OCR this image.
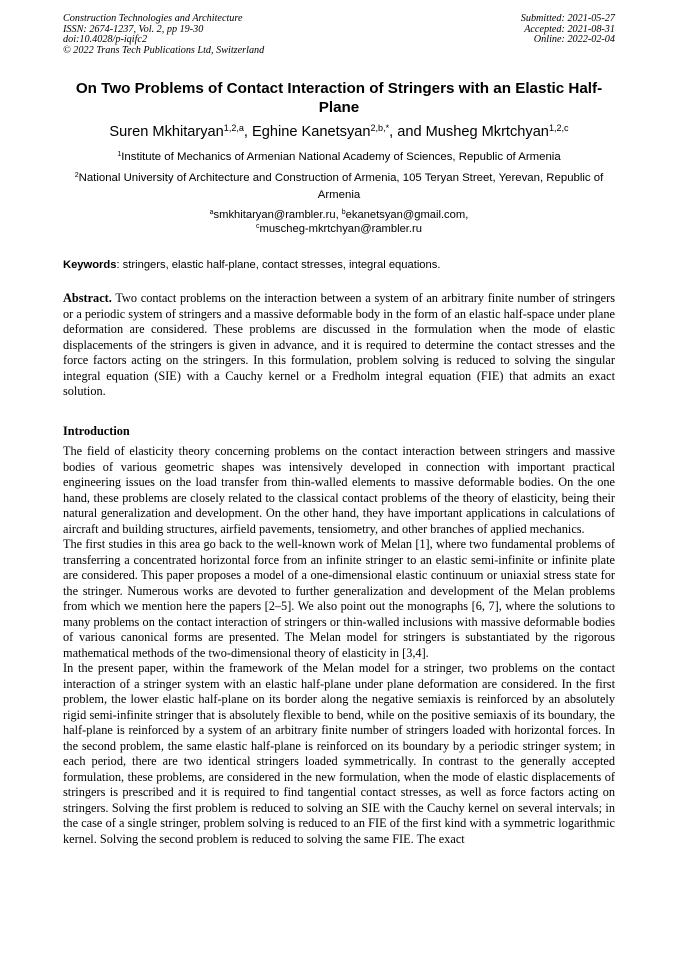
Construction Technologies and Architecture
ISSN: 2674-1237, Vol. 2, pp 19-30
doi:10.4028/p-iqifc2
© 2022 Trans Tech Publications Ltd, Switzerland
Submitted: 2021-05-27
Accepted: 2021-08-31
Online: 2022-02-04
On Two Problems of Contact Interaction of Stringers with an Elastic Half-Plane
Suren Mkhitaryan$^{1,2,a}$, Eghine Kanetsyan$^{2,b,*}$, and Musheg Mkrtchyan$^{1,2,c}$
$^1$Institute of Mechanics of Armenian National Academy of Sciences, Republic of Armenia
$^2$National University of Architecture and Construction of Armenia, 105 Teryan Street, Yerevan, Republic of Armenia
$^a$smkhitaryan@rambler.ru, $^b$ekanetsyan@gmail.com,
$^c$muscheg-mkrtchyan@rambler.ru
Keywords: stringers, elastic half-plane, contact stresses, integral equations.
Abstract. Two contact problems on the interaction between a system of an arbitrary finite number of stringers or a periodic system of stringers and a massive deformable body in the form of an elastic half-space under plane deformation are considered. These problems are discussed in the formulation when the mode of elastic displacements of the stringers is given in advance, and it is required to determine the contact stresses and the force factors acting on the stringers. In this formulation, problem solving is reduced to solving the singular integral equation (SIE) with a Cauchy kernel or a Fredholm integral equation (FIE) that admits an exact solution.
Introduction

The field of elasticity theory concerning problems on the contact interaction between stringers and massive bodies of various geometric shapes was intensively developed in connection with important practical engineering issues on the load transfer from thin-walled elements to massive deformable bodies. On the one hand, these problems are closely related to the classical contact problems of the theory of elasticity, being their natural generalization and development. On the other hand, they have important applications in calculations of aircraft and building structures, airfield pavements, tensiometry, and other branches of applied mechanics.

The first studies in this area go back to the well-known work of Melan [1], where two fundamental problems of transferring a concentrated horizontal force from an infinite stringer to an elastic semi-infinite or infinite plate are considered. This paper proposes a model of a one-dimensional elastic continuum or uniaxial stress state for the stringer. Numerous works are devoted to further generalization and development of the Melan problems from which we mention here the papers [2–5]. We also point out the monographs [6, 7], where the solutions to many problems on the contact interaction of stringers or thin-walled inclusions with massive deformable bodies of various canonical forms are presented. The Melan model for stringers is substantiated by the rigorous mathematical methods of the two-dimensional theory of elasticity in [3,4].

In the present paper, within the framework of the Melan model for a stringer, two problems on the contact interaction of a stringer system with an elastic half-plane under plane deformation are considered. In the first problem, the lower elastic half-plane on its border along the negative semiaxis is reinforced by an absolutely rigid semi-infinite stringer that is absolutely flexible to bend, while on the positive semiaxis of its boundary, the half-plane is reinforced by a system of an arbitrary finite number of stringers loaded with horizontal forces. In the second problem, the same elastic half-plane is reinforced on its boundary by a periodic stringer system; in each period, there are two identical stringers loaded symmetrically. In contrast to the generally accepted formulation, these problems, are considered in the new formulation, when the mode of elastic displacements of stringers is prescribed and it is required to find tangential contact stresses, as well as force factors acting on stringers. Solving the first problem is reduced to solving an SIE with the Cauchy kernel on several intervals; in the case of a single stringer, problem solving is reduced to an FIE of the first kind with a symmetric logarithmic kernel. Solving the second problem is reduced to solving the same FIE. The exact
